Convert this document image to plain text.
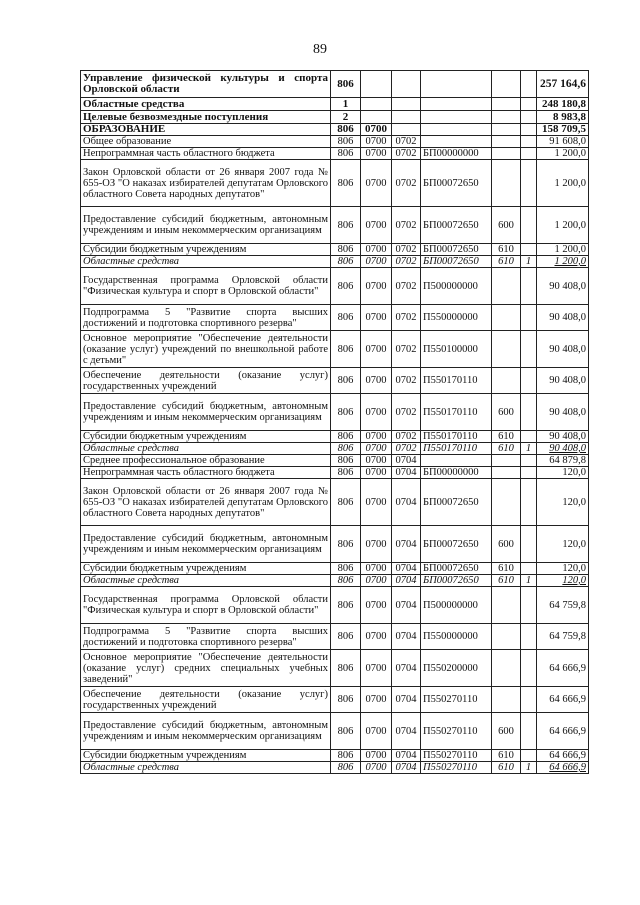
89
Управление физической культуры и спорта Орловской области	806						257 164,6
Областные средства	1						248 180,8
Целевые безвозмездные поступления	2						8 983,8
ОБРАЗОВАНИЕ	806	0700					158 709,5
Общее образование	806	0700	0702				91 608,0
Непрограммная часть областного бюджета	806	0700	0702	БП00000000			1 200,0
Закон Орловской области от 26 января 2007 года № 655-ОЗ "О наказах избирателей депутатам Орловского областного Совета народных депутатов"	806	0700	0702	БП00072650			1 200,0
Предоставление субсидий бюджетным, автономным учреждениям и иным некоммерческим организациям	806	0700	0702	БП00072650	600		1 200,0
Субсидии бюджетным учреждениям	806	0700	0702	БП00072650	610		1 200,0
Областные средства	806	0700	0702	БП00072650	610	1	1 200,0
Государственная программа Орловской области "Физическая культура и спорт в Орловской области"	806	0700	0702	П500000000			90 408,0
Подпрограмма 5 "Развитие спорта высших достижений и подготовка спортивного резерва"	806	0700	0702	П550000000			90 408,0
Основное мероприятие "Обеспечение деятельности (оказание услуг) учреждений по внешкольной работе с детьми"	806	0700	0702	П550100000			90 408,0
Обеспечение деятельности (оказание услуг) государственных учреждений	806	0700	0702	П550170110			90 408,0
Предоставление субсидий бюджетным, автономным учреждениям и иным некоммерческим организациям	806	0700	0702	П550170110	600		90 408,0
Субсидии бюджетным учреждениям	806	0700	0702	П550170110	610		90 408,0
Областные средства	806	0700	0702	П550170110	610	1	90 408,0
Среднее профессиональное образование	806	0700	0704				64 879,8
Непрограммная часть областного бюджета	806	0700	0704	БП00000000			120,0
Закон Орловской области от 26 января 2007 года № 655-ОЗ "О наказах избирателей депутатам Орловского областного Совета народных депутатов"	806	0700	0704	БП00072650			120,0
Предоставление субсидий бюджетным, автономным учреждениям и иным некоммерческим организациям	806	0700	0704	БП00072650	600		120,0
Субсидии бюджетным учреждениям	806	0700	0704	БП00072650	610		120,0
Областные средства	806	0700	0704	БП00072650	610	1	120,0
Государственная программа Орловской области "Физическая культура и спорт в Орловской области"	806	0700	0704	П500000000			64 759,8
Подпрограмма 5 "Развитие спорта высших достижений и подготовка спортивного резерва"	806	0700	0704	П550000000			64 759,8
Основное мероприятие "Обеспечение деятельности (оказание услуг) средних специальных учебных заведений"	806	0700	0704	П550200000			64 666,9
Обеспечение деятельности (оказание услуг) государственных учреждений	806	0700	0704	П550270110			64 666,9
Предоставление субсидий бюджетным, автономным учреждениям и иным некоммерческим организациям	806	0700	0704	П550270110	600		64 666,9
Субсидии бюджетным учреждениям	806	0700	0704	П550270110	610		64 666,9
Областные средства	806	0700	0704	П550270110	610	1	64 666,9
